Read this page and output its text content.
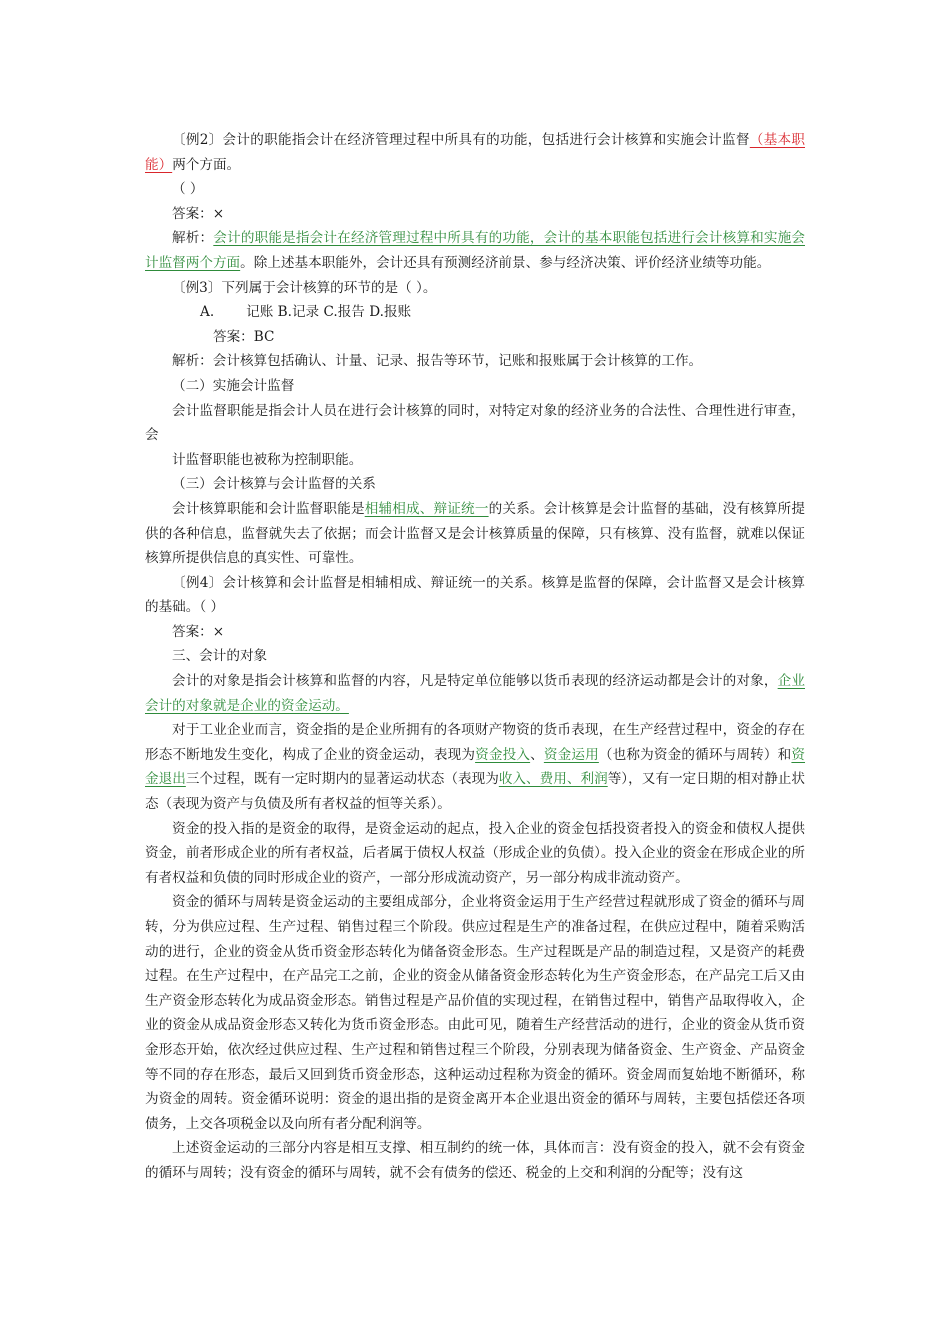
〔例2〕会计的职能指会计在经济管理过程中所具有的功能，包括进行会计核算和实施会计监督（基本职能）两个方面。

（ ）

答案：×

解析：会计的职能是指会计在经济管理过程中所具有的功能，会计的基本职能包括进行会计核算和实施会计监督两个方面。除上述基本职能外，会计还具有预测经济前景、参与经济决策、评价经济业绩等功能。

〔例3〕下列属于会计核算的环节的是（ ）。

A. 记账 B.记录 C.报告 D.报账

答案：BC

解析：会计核算包括确认、计量、记录、报告等环节，记账和报账属于会计核算的工作。

（二）实施会计监督

会计监督职能是指会计人员在进行会计核算的同时，对特定对象的经济业务的合法性、合理性进行审查，会

计监督职能也被称为控制职能。

（三）会计核算与会计监督的关系

会计核算职能和会计监督职能是相辅相成、辩证统一的关系。会计核算是会计监督的基础，没有核算所提供的各种信息，监督就失去了依据；而会计监督又是会计核算质量的保障，只有核算、没有监督，就难以保证核算所提供信息的真实性、可靠性。

〔例4〕会计核算和会计监督是相辅相成、辩证统一的关系。核算是监督的保障，会计监督又是会计核算的基础。（ ）

答案：×

三、会计的对象

会计的对象是指会计核算和监督的内容，凡是特定单位能够以货币表现的经济运动都是会计的对象，企业会计的对象就是企业的资金运动。

对于工业企业而言，资金指的是企业所拥有的各项财产物资的货币表现，在生产经营过程中，资金的存在形态不断地发生变化，构成了企业的资金运动，表现为资金投入、资金运用（也称为资金的循环与周转）和资金退出三个过程，既有一定时期内的显著运动状态（表现为收入、费用、利润等），又有一定日期的相对静止状态（表现为资产与负债及所有者权益的恒等关系）。

资金的投入指的是资金的取得，是资金运动的起点，投入企业的资金包括投资者投入的资金和债权人提供资金，前者形成企业的所有者权益，后者属于债权人权益（形成企业的负债）。投入企业的资金在形成企业的所有者权益和负债的同时形成企业的资产，一部分形成流动资产，另一部分构成非流动资产。

资金的循环与周转是资金运动的主要组成部分，企业将资金运用于生产经营过程就形成了资金的循环与周转，分为供应过程、生产过程、销售过程三个阶段。供应过程是生产的准备过程，在供应过程中，随着采购活动的进行，企业的资金从货币资金形态转化为储备资金形态。生产过程既是产品的制造过程，又是资产的耗费过程。在生产过程中，在产品完工之前，企业的资金从储备资金形态转化为生产资金形态，在产品完工后又由生产资金形态转化为成品资金形态。销售过程是产品价值的实现过程，在销售过程中，销售产品取得收入，企业的资金从成品资金形态又转化为货币资金形态。由此可见，随着生产经营活动的进行，企业的资金从货币资金形态开始，依次经过供应过程、生产过程和销售过程三个阶段，分别表现为储备资金、生产资金、产品资金等不同的存在形态，最后又回到货币资金形态，这种运动过程称为资金的循环。资金周而复始地不断循环，称为资金的周转。资金循环说明：资金的退出指的是资金离开本企业退出资金的循环与周转，主要包括偿还各项债务，上交各项税金以及向所有者分配利润等。

上述资金运动的三部分内容是相互支撑、相互制约的统一体，具体而言：没有资金的投入，就不会有资金的循环与周转；没有资金的循环与周转，就不会有债务的偿还、税金的上交和利润的分配等；没有这
